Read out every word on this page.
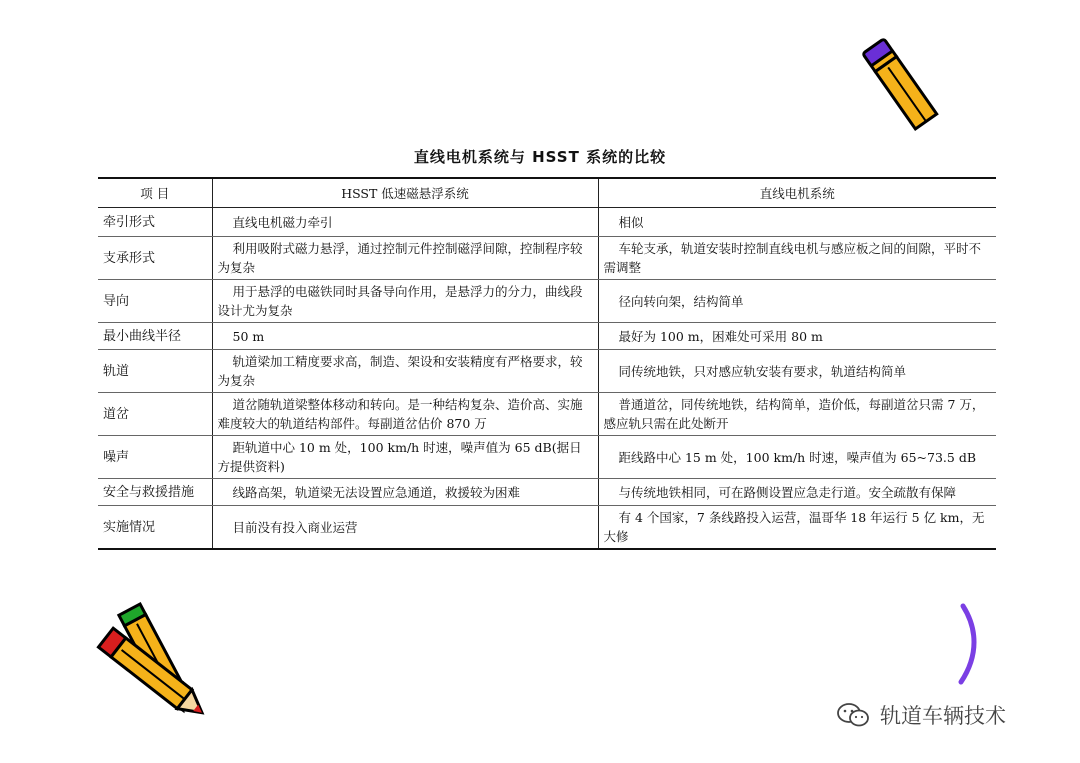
直线电机系统与 HSST 系统的比较
项 目	HSST 低速磁悬浮系统	直线电机系统
牵引形式	直线电机磁力牵引	相似
支承形式	利用吸附式磁力悬浮，通过控制元件控制磁浮间隙，控制程序较为复杂	车轮支承，轨道安装时控制直线电机与感应板之间的间隙，平时不需调整
导向	用于悬浮的电磁铁同时具备导向作用，是悬浮力的分力，曲线段设计尤为复杂	径向转向架，结构简单
最小曲线半径	50 m	最好为 100 m，困难处可采用 80 m
轨道	轨道梁加工精度要求高，制造、架设和安装精度有严格要求，较为复杂	同传统地铁，只对感应轨安装有要求，轨道结构简单
道岔	道岔随轨道梁整体移动和转向。是一种结构复杂、造价高、实施难度较大的轨道结构部件。每副道岔估价 870 万	普通道岔，同传统地铁，结构简单，造价低，每副道岔只需 7 万，感应轨只需在此处断开
噪声	距轨道中心 10 m 处，100 km/h 时速，噪声值为 65 dB(据日方提供资料)	距线路中心 15 m 处，100 km/h 时速，噪声值为 65~73.5 dB
安全与救援措施	线路高架，轨道梁无法设置应急通道，救援较为困难	与传统地铁相同，可在路侧设置应急走行道。安全疏散有保障
实施情况	目前没有投入商业运营	有 4 个国家，7 条线路投入运营，温哥华 18 年运行 5 亿 km，无大修
轨道车辆技术
